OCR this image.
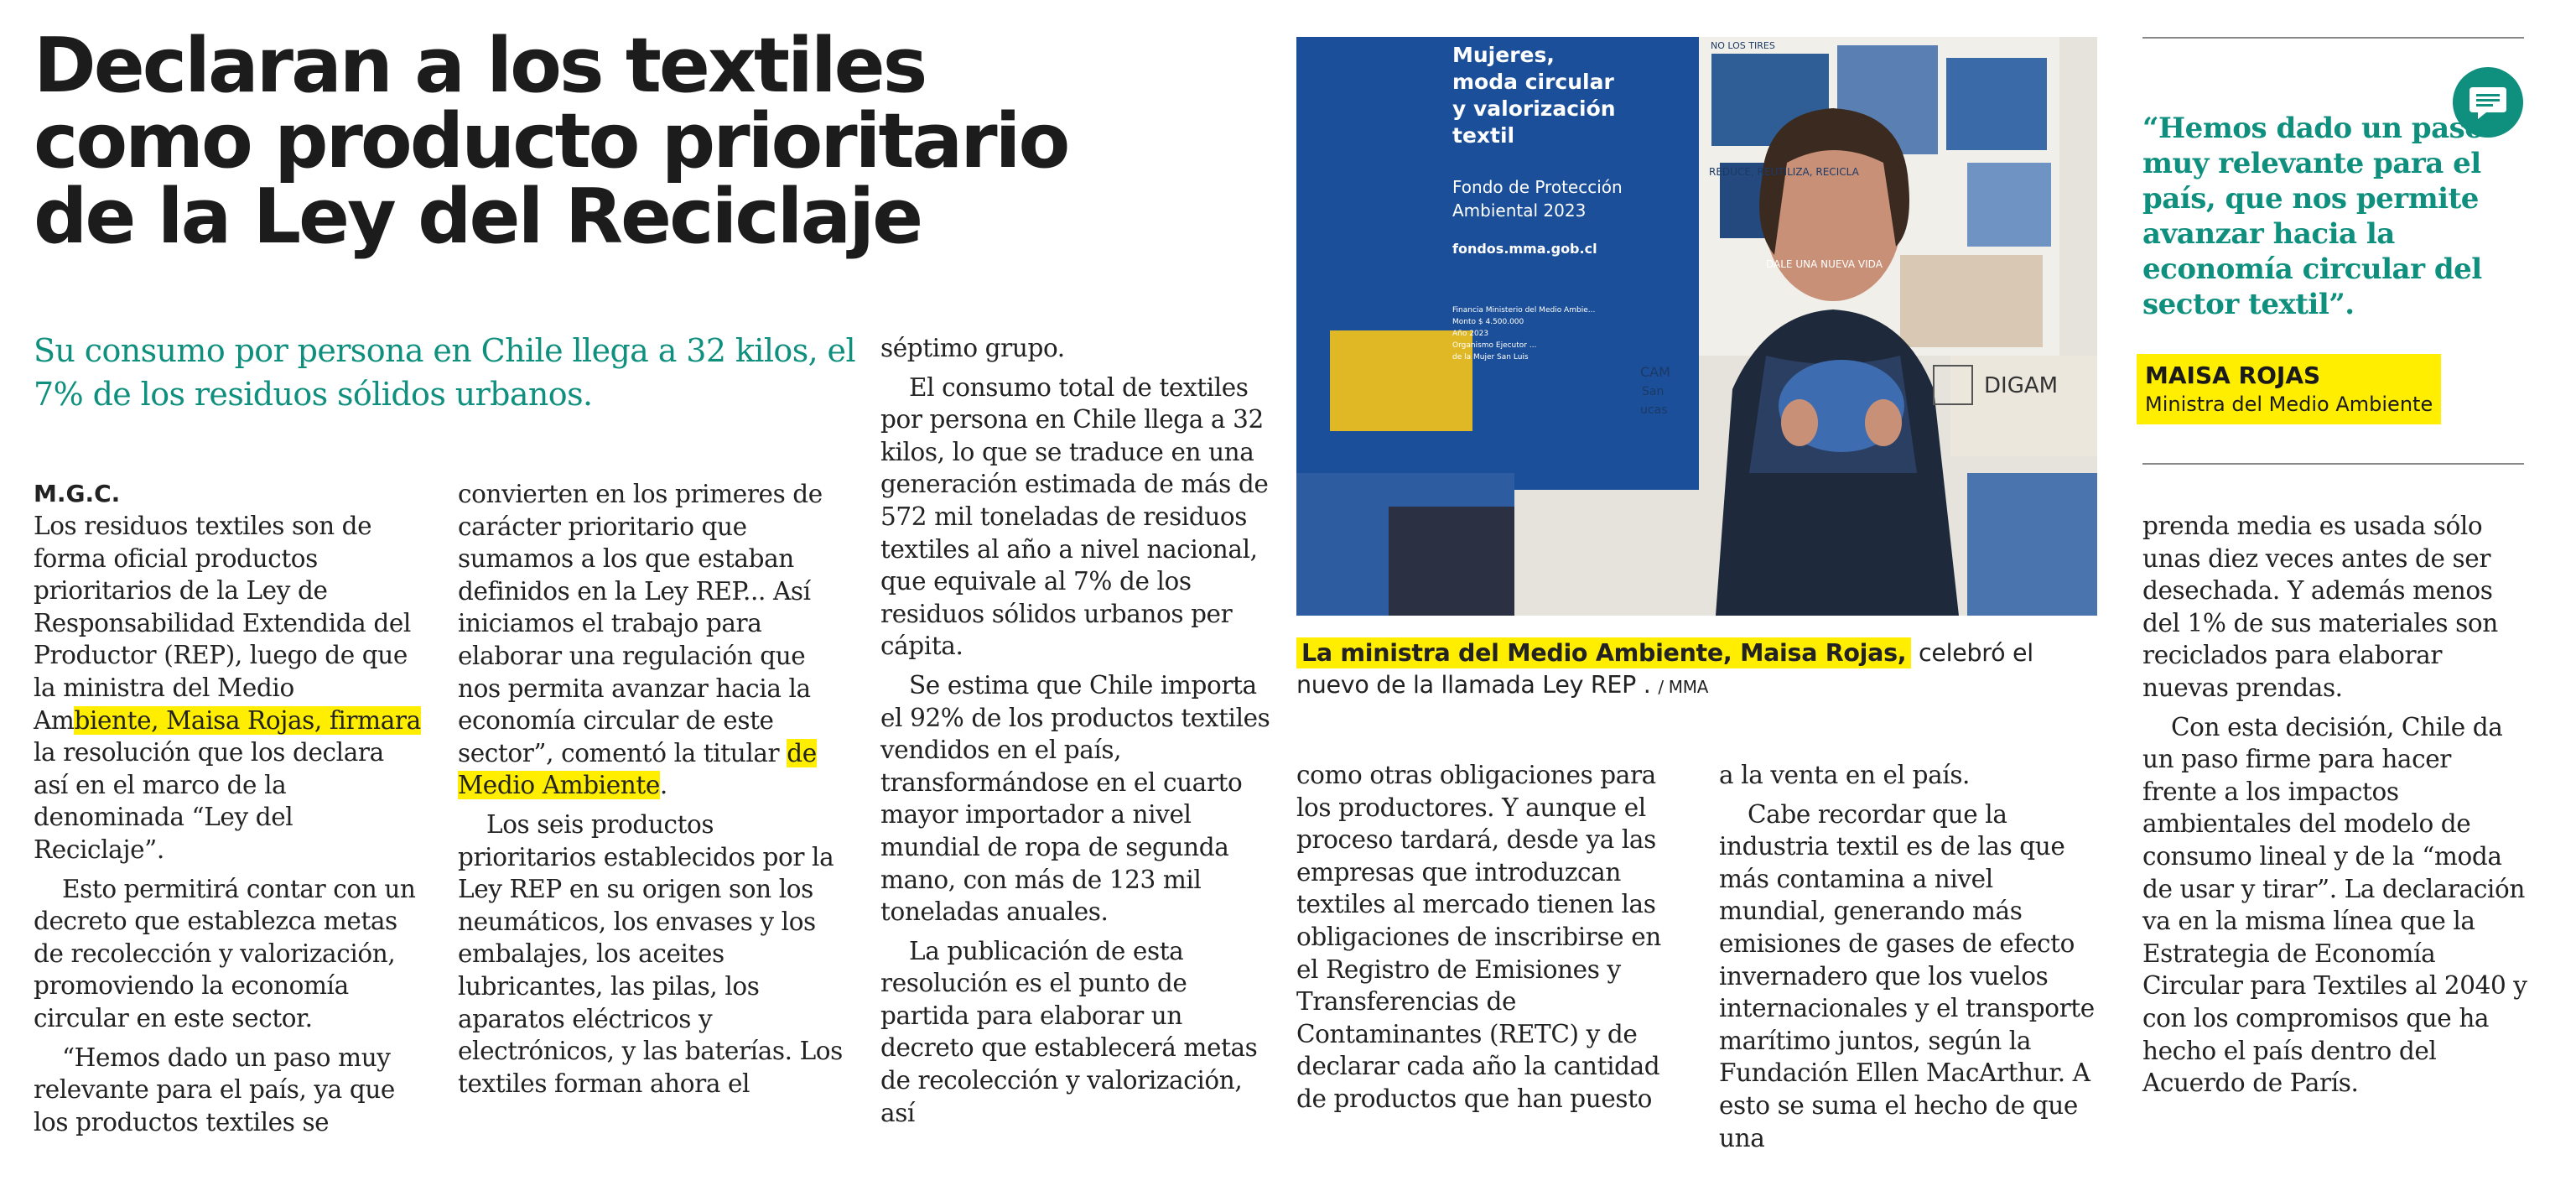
Declaran a los textiles
como producto prioritario
de la Ley del Reciclaje
Su consumo por persona en Chile llega a 32 kilos, el 7% de los residuos sólidos urbanos.
M.G.C.

Los residuos textiles son de forma oficial productos prioritarios de la Ley de Responsabilidad Extendida del Productor (REP), luego de que la ministra del Medio Ambiente, Maisa Rojas, firmara la resolución que los declara así en el marco de la denominada “Ley del Reciclaje”.

Esto permitirá contar con un decreto que establezca metas de recolección y valorización, promoviendo la economía circular en este sector.

“Hemos dado un paso muy relevante para el país, ya que los productos textiles se

convierten en los primeres de carácter prioritario que sumamos a los que estaban definidos en la Ley REP... Así iniciamos el trabajo para elaborar una regulación que nos permita avanzar hacia la economía circular de este sector”, comentó la titular de Medio Ambiente.

Los seis productos prioritarios establecidos por la Ley REP en su origen son los neumáticos, los envases y los embalajes, los aceites lubricantes, las pilas, los aparatos eléctricos y electrónicos, y las baterías. Los textiles forman ahora el

séptimo grupo.

El consumo total de textiles por persona en Chile llega a 32 kilos, lo que se traduce en una generación estimada de más de 572 mil toneladas de residuos textiles al año a nivel nacional, que equivale al 7% de los residuos sólidos urbanos per cápita.

Se estima que Chile importa el 92% de los productos textiles vendidos en el país, transformándose en el cuarto mayor importador a nivel mundial de ropa de segunda mano, con más de 123 mil toneladas anuales.

La publicación de esta resolución es el punto de partida para elaborar un decreto que establecerá metas de recolección y valorización, así

Mujeres,
moda circular
y valorización
textil
Fondo de Protección
Ambiental 2023
fondos.mma.gob.cl
Financia Ministerio del Medio Ambie...
Monto $ 4.500.000
Año 2023
Organismo Ejecutor ...
de la Mujer San Luis
NO LOS TIRES
REDUCE, REUTILIZA, RECICLA
DALE UNA NUEVA VIDA
CAM
San
ucas
DIGAM
La ministra del Medio Ambiente, Maisa Rojas, celebró el nuevo de la llamada Ley REP . / MMA

como otras obligaciones para los productores. Y aunque el proceso tardará, desde ya las empresas que introduzcan textiles al mercado tienen las obligaciones de inscribirse en el Registro de Emisiones y Transferencias de Contaminantes (RETC) y de declarar cada año la cantidad de productos que han puesto

a la venta en el país.

Cabe recordar que la industria textil es de las que más contamina a nivel mundial, generando más emisiones de gases de efecto invernadero que los vuelos internacionales y el transporte marítimo juntos, según la Fundación Ellen MacArthur. A esto se suma el hecho de que una

“Hemos dado un paso muy relevante para el país, que nos permite avanzar hacia la economía circular del sector textil”.
MAISA ROJAS
Ministra del Medio Ambiente

prenda media es usada sólo unas diez veces antes de ser desechada. Y además menos del 1% de sus materiales son reciclados para elaborar nuevas prendas.

Con esta decisión, Chile da un paso firme para hacer frente a los impactos ambientales del modelo de consumo lineal y de la “moda de usar y tirar”. La declaración va en la misma línea que la Estrategia de Economía Circular para Textiles al 2040 y con los compromisos que ha hecho el país dentro del Acuerdo de París.
